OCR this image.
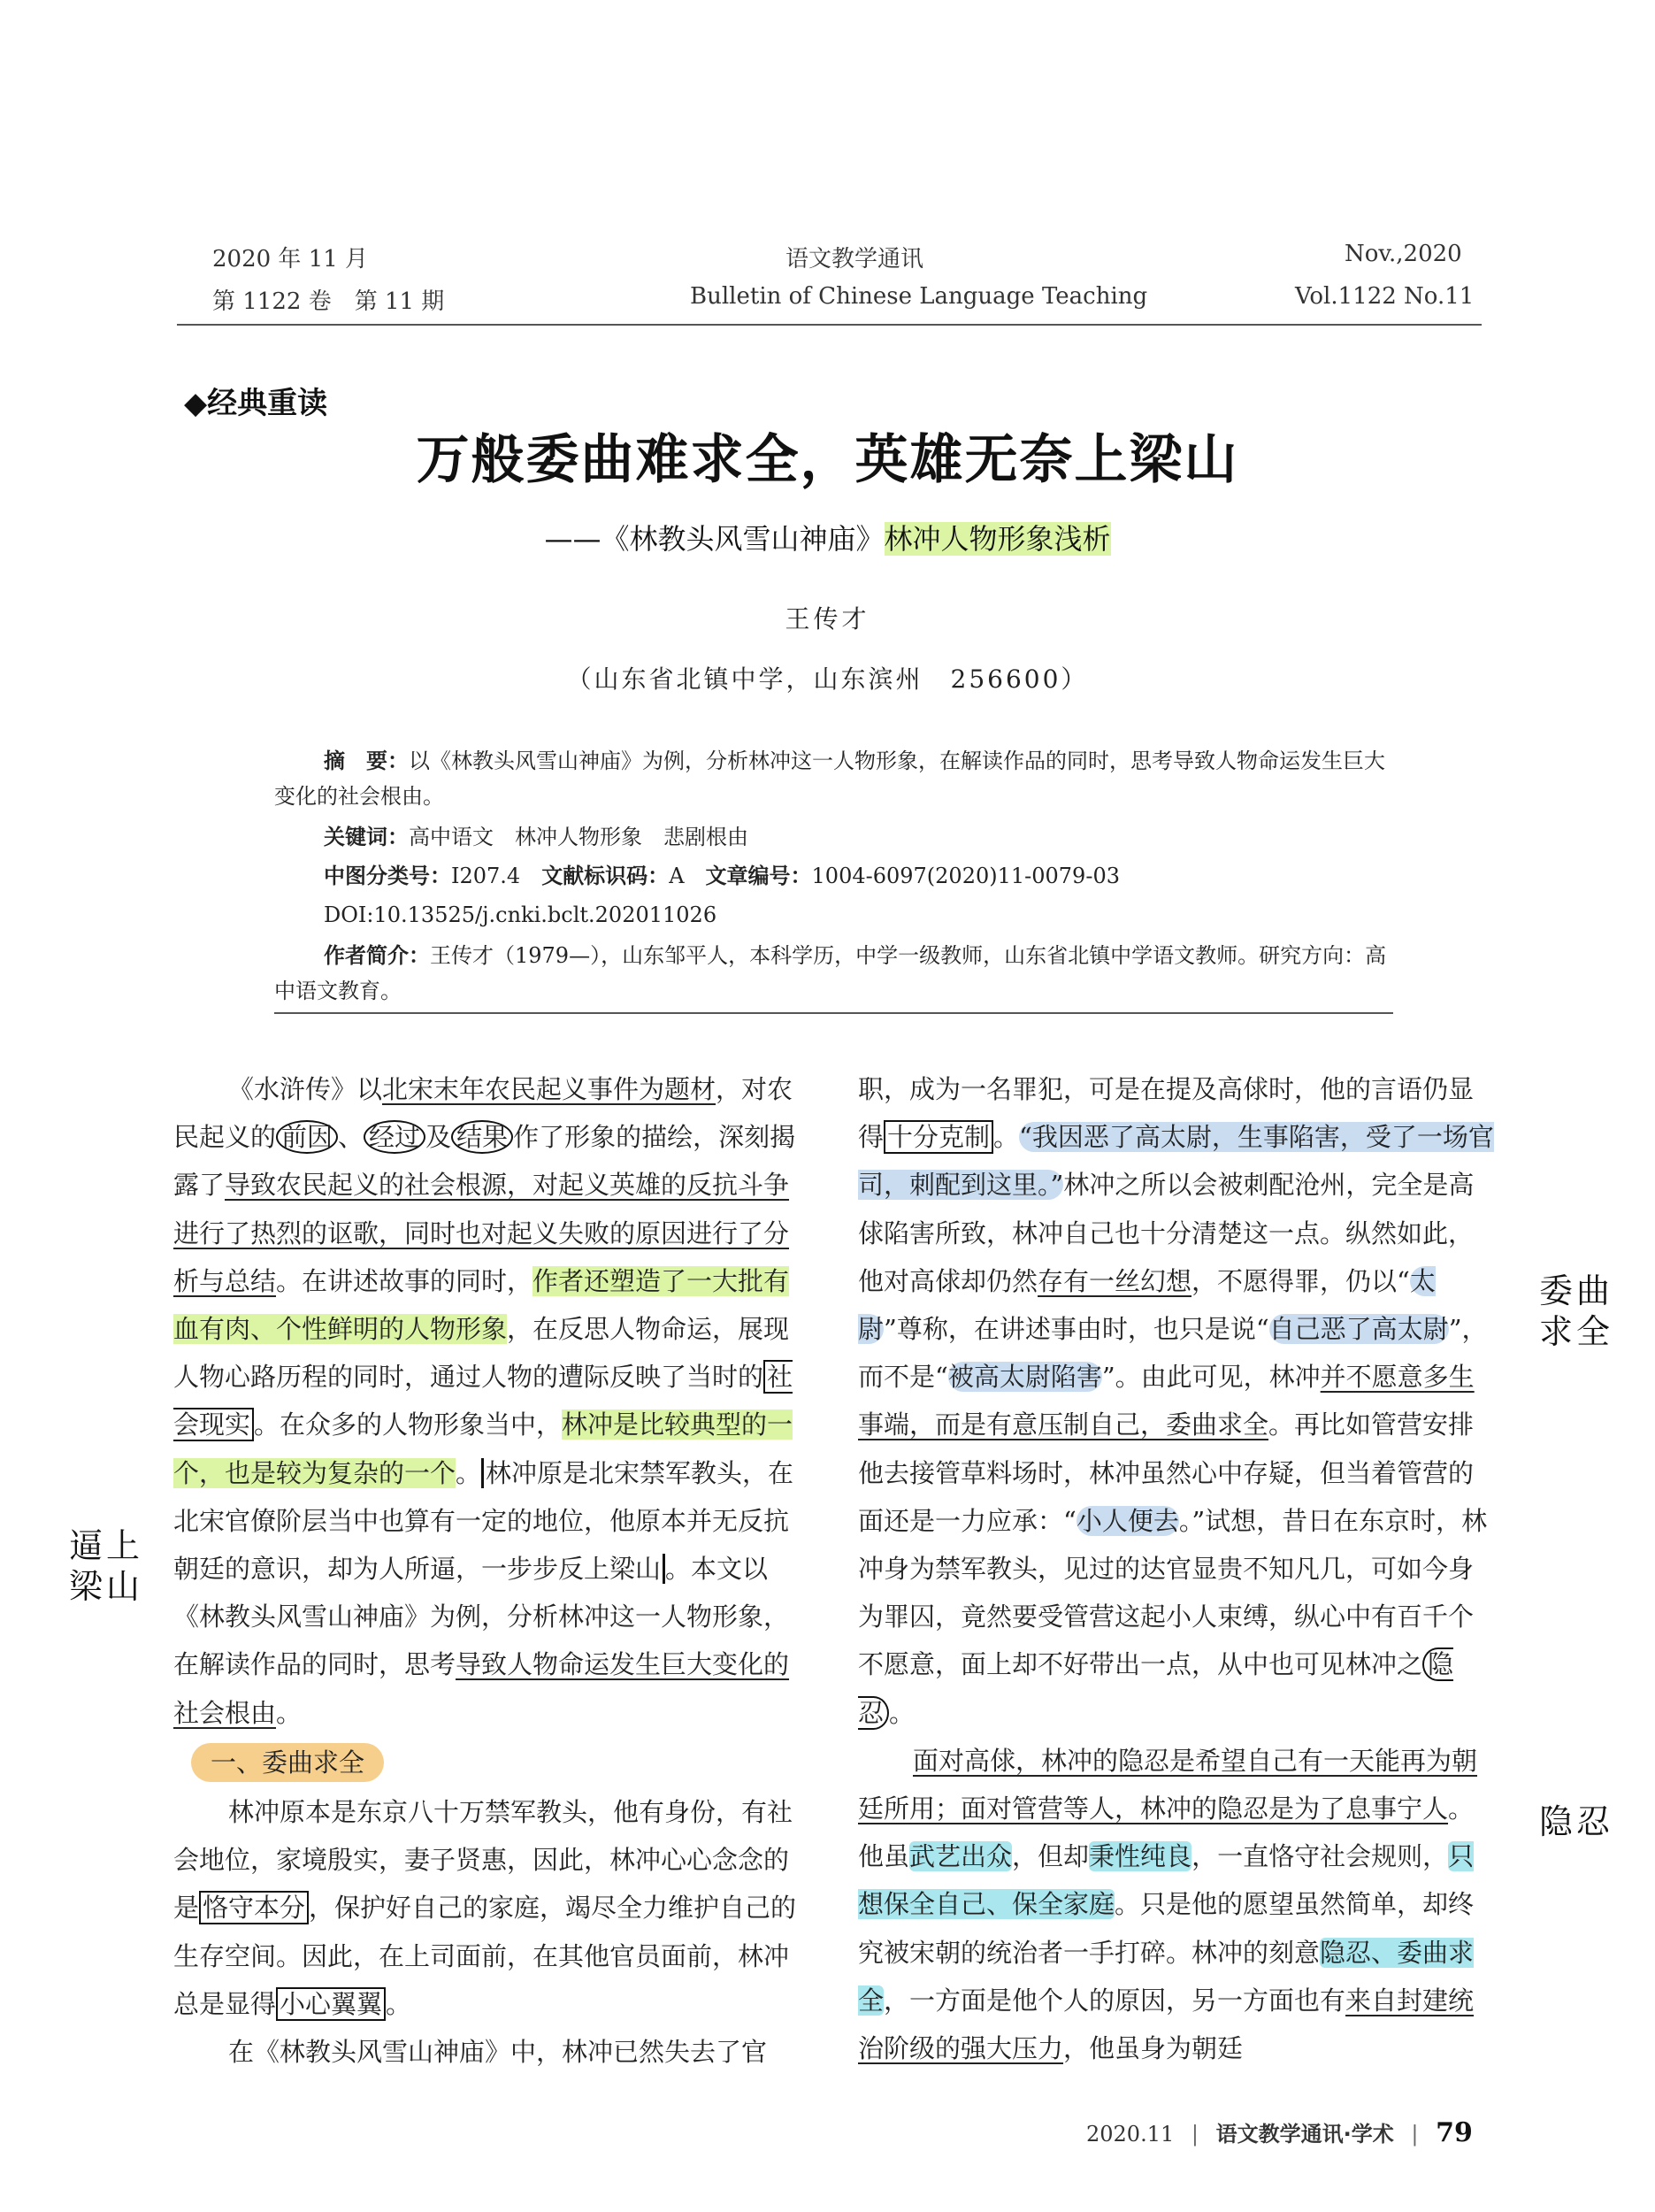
2020 年 11 月	语文教学通讯	Nov.,2020
第 1122 卷　第 11 期	Bulletin of Chinese Language Teaching	Vol.1122 No.11
◆经典重读
万般委曲难求全，英雄无奈上梁山
——《林教头风雪山神庙》林冲人物形象浅析
王传才
（山东省北镇中学，山东滨州　256600）
摘　要：以《林教头风雪山神庙》为例，分析林冲这一人物形象，在解读作品的同时，思考导致人物命运发生巨大变化的社会根由。
关键词：高中语文　林冲人物形象　悲剧根由
中图分类号：I207.4　 文献标识码：A　 文章编号：1004-6097(2020)11-0079-03
DOI:10.13525/j.cnki.bclt.202011026
作者简介：王传才（1979—），山东邹平人，本科学历，中学一级教师，山东省北镇中学语文教师。研究方向：高中语文教育。

《水浒传》以北宋末年农民起义事件为题材，对农民起义的 前因 、 经过 及 结果 作了形象的描绘，深刻揭露了导致农民起义的社会根源，对起义英雄的反抗斗争进行了热烈的讴歌，同时也对起义失败的原因进行了分析与总结。在讲述故事的同时，作者还塑造了一大批有血有肉、个性鲜明的人物形象，在反思人物命运，展现人物心路历程的同时，通过人物的遭际反映了当时的 社会现实 。在众多的人物形象当中，林冲是比较典型的一个，也是较为复杂的一个。 林冲原是北宋禁军教头，在北宋官僚阶层当中也算有一定的地位，他原本并无反抗朝廷的意识，却为人所逼，一步步反上梁山 。本文以《林教头风雪山神庙》为例，分析林冲这一人物形象，在解读作品的同时，思考导致人物命运发生巨大变化的社会根由。

一、委曲求全

林冲原本是东京八十万禁军教头，他有身份，有社会地位，家境殷实，妻子贤惠，因此，林冲心心念念的是 恪守本分 ，保护好自己的家庭，竭尽全力维护自己的生存空间。因此，在上司面前，在其他官员面前，林冲总是显得 小心翼翼 。

在《林教头风雪山神庙》中，林冲已然失去了官

职，成为一名罪犯，可是在提及高俅时，他的言语仍显得 十分克制 。“我因恶了高太尉，生事陷害，受了一场官司，刺配到这里。”林冲之所以会被刺配沧州，完全是高俅陷害所致，林冲自己也十分清楚这一点。纵然如此，他对高俅却仍然存有一丝幻想，不愿得罪，仍以“太尉”尊称，在讲述事由时，也只是说“自己恶了高太尉”，而不是“被高太尉陷害”。由此可见，林冲并不愿意多生事端，而是有意压制自己，委曲求全。再比如管营安排他去接管草料场时，林冲虽然心中存疑，但当着管营的面还是一力应承：“小人便去。”试想，昔日在东京时，林冲身为禁军教头，见过的达官显贵不知凡几，可如今身为罪囚，竟然要受管营这起小人束缚，纵心中有百千个不愿意，面上却不好带出一点，从中也可见林冲之 隐忍 。

面对高俅，林冲的隐忍是希望自己有一天能再为朝廷所用；面对管营等人，林冲的隐忍是为了息事宁人。他虽武艺出众，但却秉性纯良，一直恪守社会规则，只想保全自己、保全家庭。只是他的愿望虽然简单，却终究被宋朝的统治者一手打碎。林冲的刻意隐忍、委曲求全，一方面是他个人的原因，另一方面也有来自封建统治阶级的强大压力，他虽身为朝廷

逼上梁山
委曲求全
隐忍
2020.11 | 语文教学通讯·学术 | 79
